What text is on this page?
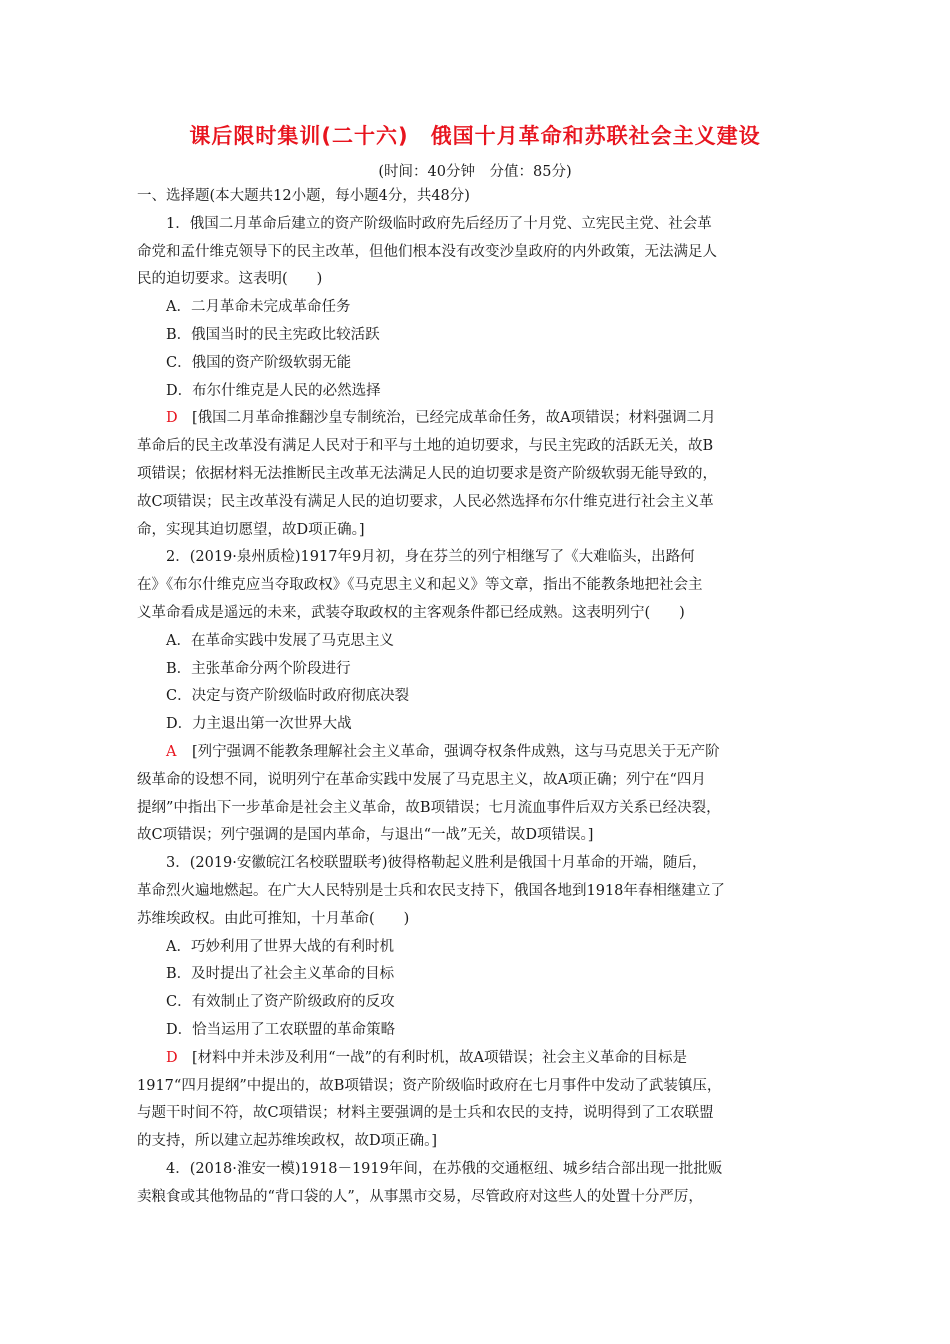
课后限时集训(二十六)　俄国十月革命和苏联社会主义建设
(时间：40分钟　分值：85分)
一、选择题(本大题共12小题，每小题4分，共48分)
1．俄国二月革命后建立的资产阶级临时政府先后经历了十月党、立宪民主党、社会革
命党和孟什维克领导下的民主改革，但他们根本没有改变沙皇政府的内外政策，无法满足人
民的迫切要求。这表明(　　)
A．二月革命未完成革命任务
B．俄国当时的民主宪政比较活跃
C．俄国的资产阶级软弱无能
D．布尔什维克是人民的必然选择
D [俄国二月革命推翻沙皇专制统治，已经完成革命任务，故A项错误；材料强调二月
革命后的民主改革没有满足人民对于和平与土地的迫切要求，与民主宪政的活跃无关，故B
项错误；依据材料无法推断民主改革无法满足人民的迫切要求是资产阶级软弱无能导致的，
故C项错误；民主改革没有满足人民的迫切要求，人民必然选择布尔什维克进行社会主义革
命，实现其迫切愿望，故D项正确。]
2．(2019·泉州质检)1917年9月初，身在芬兰的列宁相继写了《大难临头，出路何
在》《布尔什维克应当夺取政权》《马克思主义和起义》等文章，指出不能教条地把社会主
义革命看成是遥远的未来，武装夺取政权的主客观条件都已经成熟。这表明列宁(　　)
A．在革命实践中发展了马克思主义
B．主张革命分两个阶段进行
C．决定与资产阶级临时政府彻底决裂
D．力主退出第一次世界大战
A [列宁强调不能教条理解社会主义革命，强调夺权条件成熟，这与马克思关于无产阶
级革命的设想不同，说明列宁在革命实践中发展了马克思主义，故A项正确；列宁在“四月
提纲”中指出下一步革命是社会主义革命，故B项错误；七月流血事件后双方关系已经决裂，
故C项错误；列宁强调的是国内革命，与退出“一战”无关，故D项错误。]
3．(2019·安徽皖江名校联盟联考)彼得格勒起义胜利是俄国十月革命的开端，随后，
革命烈火遍地燃起。在广大人民特别是士兵和农民支持下，俄国各地到1918年春相继建立了
苏维埃政权。由此可推知，十月革命(　　)
A．巧妙利用了世界大战的有利时机
B．及时提出了社会主义革命的目标
C．有效制止了资产阶级政府的反攻
D．恰当运用了工农联盟的革命策略
D [材料中并未涉及利用“一战”的有利时机，故A项错误；社会主义革命的目标是
1917“四月提纲”中提出的，故B项错误；资产阶级临时政府在七月事件中发动了武装镇压，
与题干时间不符，故C项错误；材料主要强调的是士兵和农民的支持，说明得到了工农联盟
的支持，所以建立起苏维埃政权，故D项正确。]
4．(2018·淮安一模)1918－1919年间，在苏俄的交通枢纽、城乡结合部出现一批批贩
卖粮食或其他物品的“背口袋的人”，从事黑市交易，尽管政府对这些人的处置十分严厉，
